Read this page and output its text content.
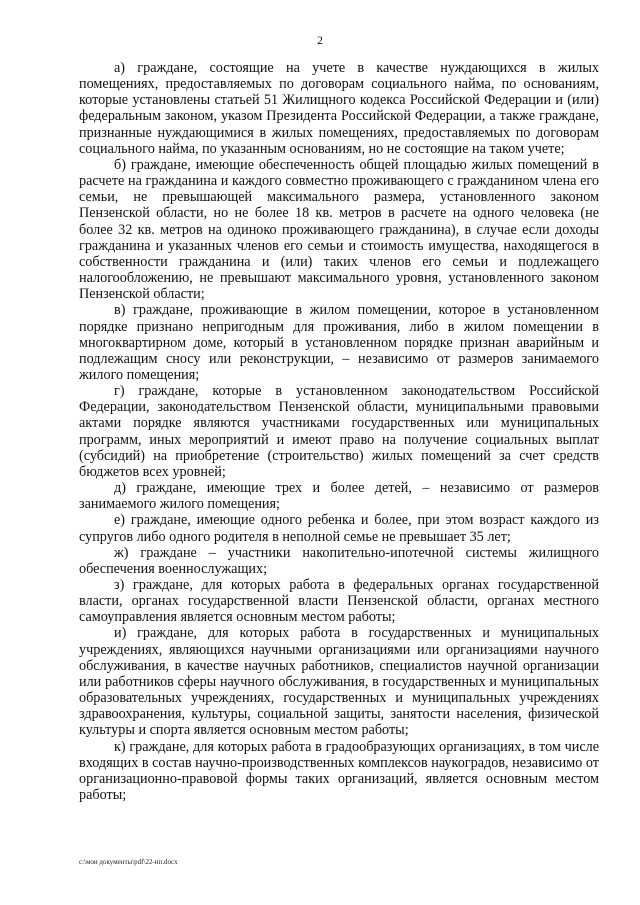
2

а) граждане, состоящие на учете в качестве нуждающихся в жилых помещениях, предоставляемых по договорам социального найма, по основаниям, которые установлены статьей 51 Жилищного кодекса Российской Федерации и (или) федеральным законом, указом Президента Российской Федерации, а также граждане, признанные нуждающимися в жилых помещениях, предоставляемых по договорам социального найма, по указанным основаниям, но не состоящие на таком учете;

б) граждане, имеющие обеспеченность общей площадью жилых помещений в расчете на гражданина и каждого совместно проживающего с гражданином члена его семьи, не превышающей максимального размера, установленного законом Пензенской области, но не более 18 кв. метров в расчете на одного человека (не более 32 кв. метров на одиноко проживающего гражданина), в случае если доходы гражданина и указанных членов его семьи и стоимость имущества, находящегося в собственности гражданина и (или) таких членов его семьи и подлежащего налогообложению, не превышают максимального уровня, установленного законом Пензенской области;

в) граждане, проживающие в жилом помещении, которое в установленном порядке признано непригодным для проживания, либо в жилом помещении в многоквартирном доме, который в установленном порядке признан аварийным и подлежащим сносу или реконструкции, – независимо от размеров занимаемого жилого помещения;

г) граждане, которые в установленном законодательством Российской Федерации, законодательством Пензенской области, муниципальными правовыми актами порядке являются участниками государственных или муниципальных программ, иных мероприятий и имеют право на получение социальных выплат (субсидий) на приобретение (строительство) жилых помещений за счет средств бюджетов всех уровней;

д) граждане, имеющие трех и более детей, – независимо от размеров занимаемого жилого помещения;

е) граждане, имеющие одного ребенка и более, при этом возраст каждого из супругов либо одного родителя в неполной семье не превышает 35 лет;

ж) граждане – участники накопительно-ипотечной системы жилищного обеспечения военнослужащих;

з) граждане, для которых работа в федеральных органах государственной власти, органах государственной власти Пензенской области, органах местного самоуправления является основным местом работы;

и) граждане, для которых работа в государственных и муниципальных учреждениях, являющихся научными организациями или организациями научного обслуживания, в качестве научных работников, специалистов научной организации или работников сферы научного обслуживания, в государственных и муниципальных образовательных учреждениях, государственных и муниципальных учреждениях здравоохранения, культуры, социальной защиты, занятости населения, физической культуры и спорта является основным местом работы;

к) граждане, для которых работа в градообразующих организациях, в том числе входящих в состав научно-производственных комплексов наукоградов, независимо от организационно-правовой формы таких организаций, является основным местом работы;

c:\мои документы\pdf\22-ип.docx
